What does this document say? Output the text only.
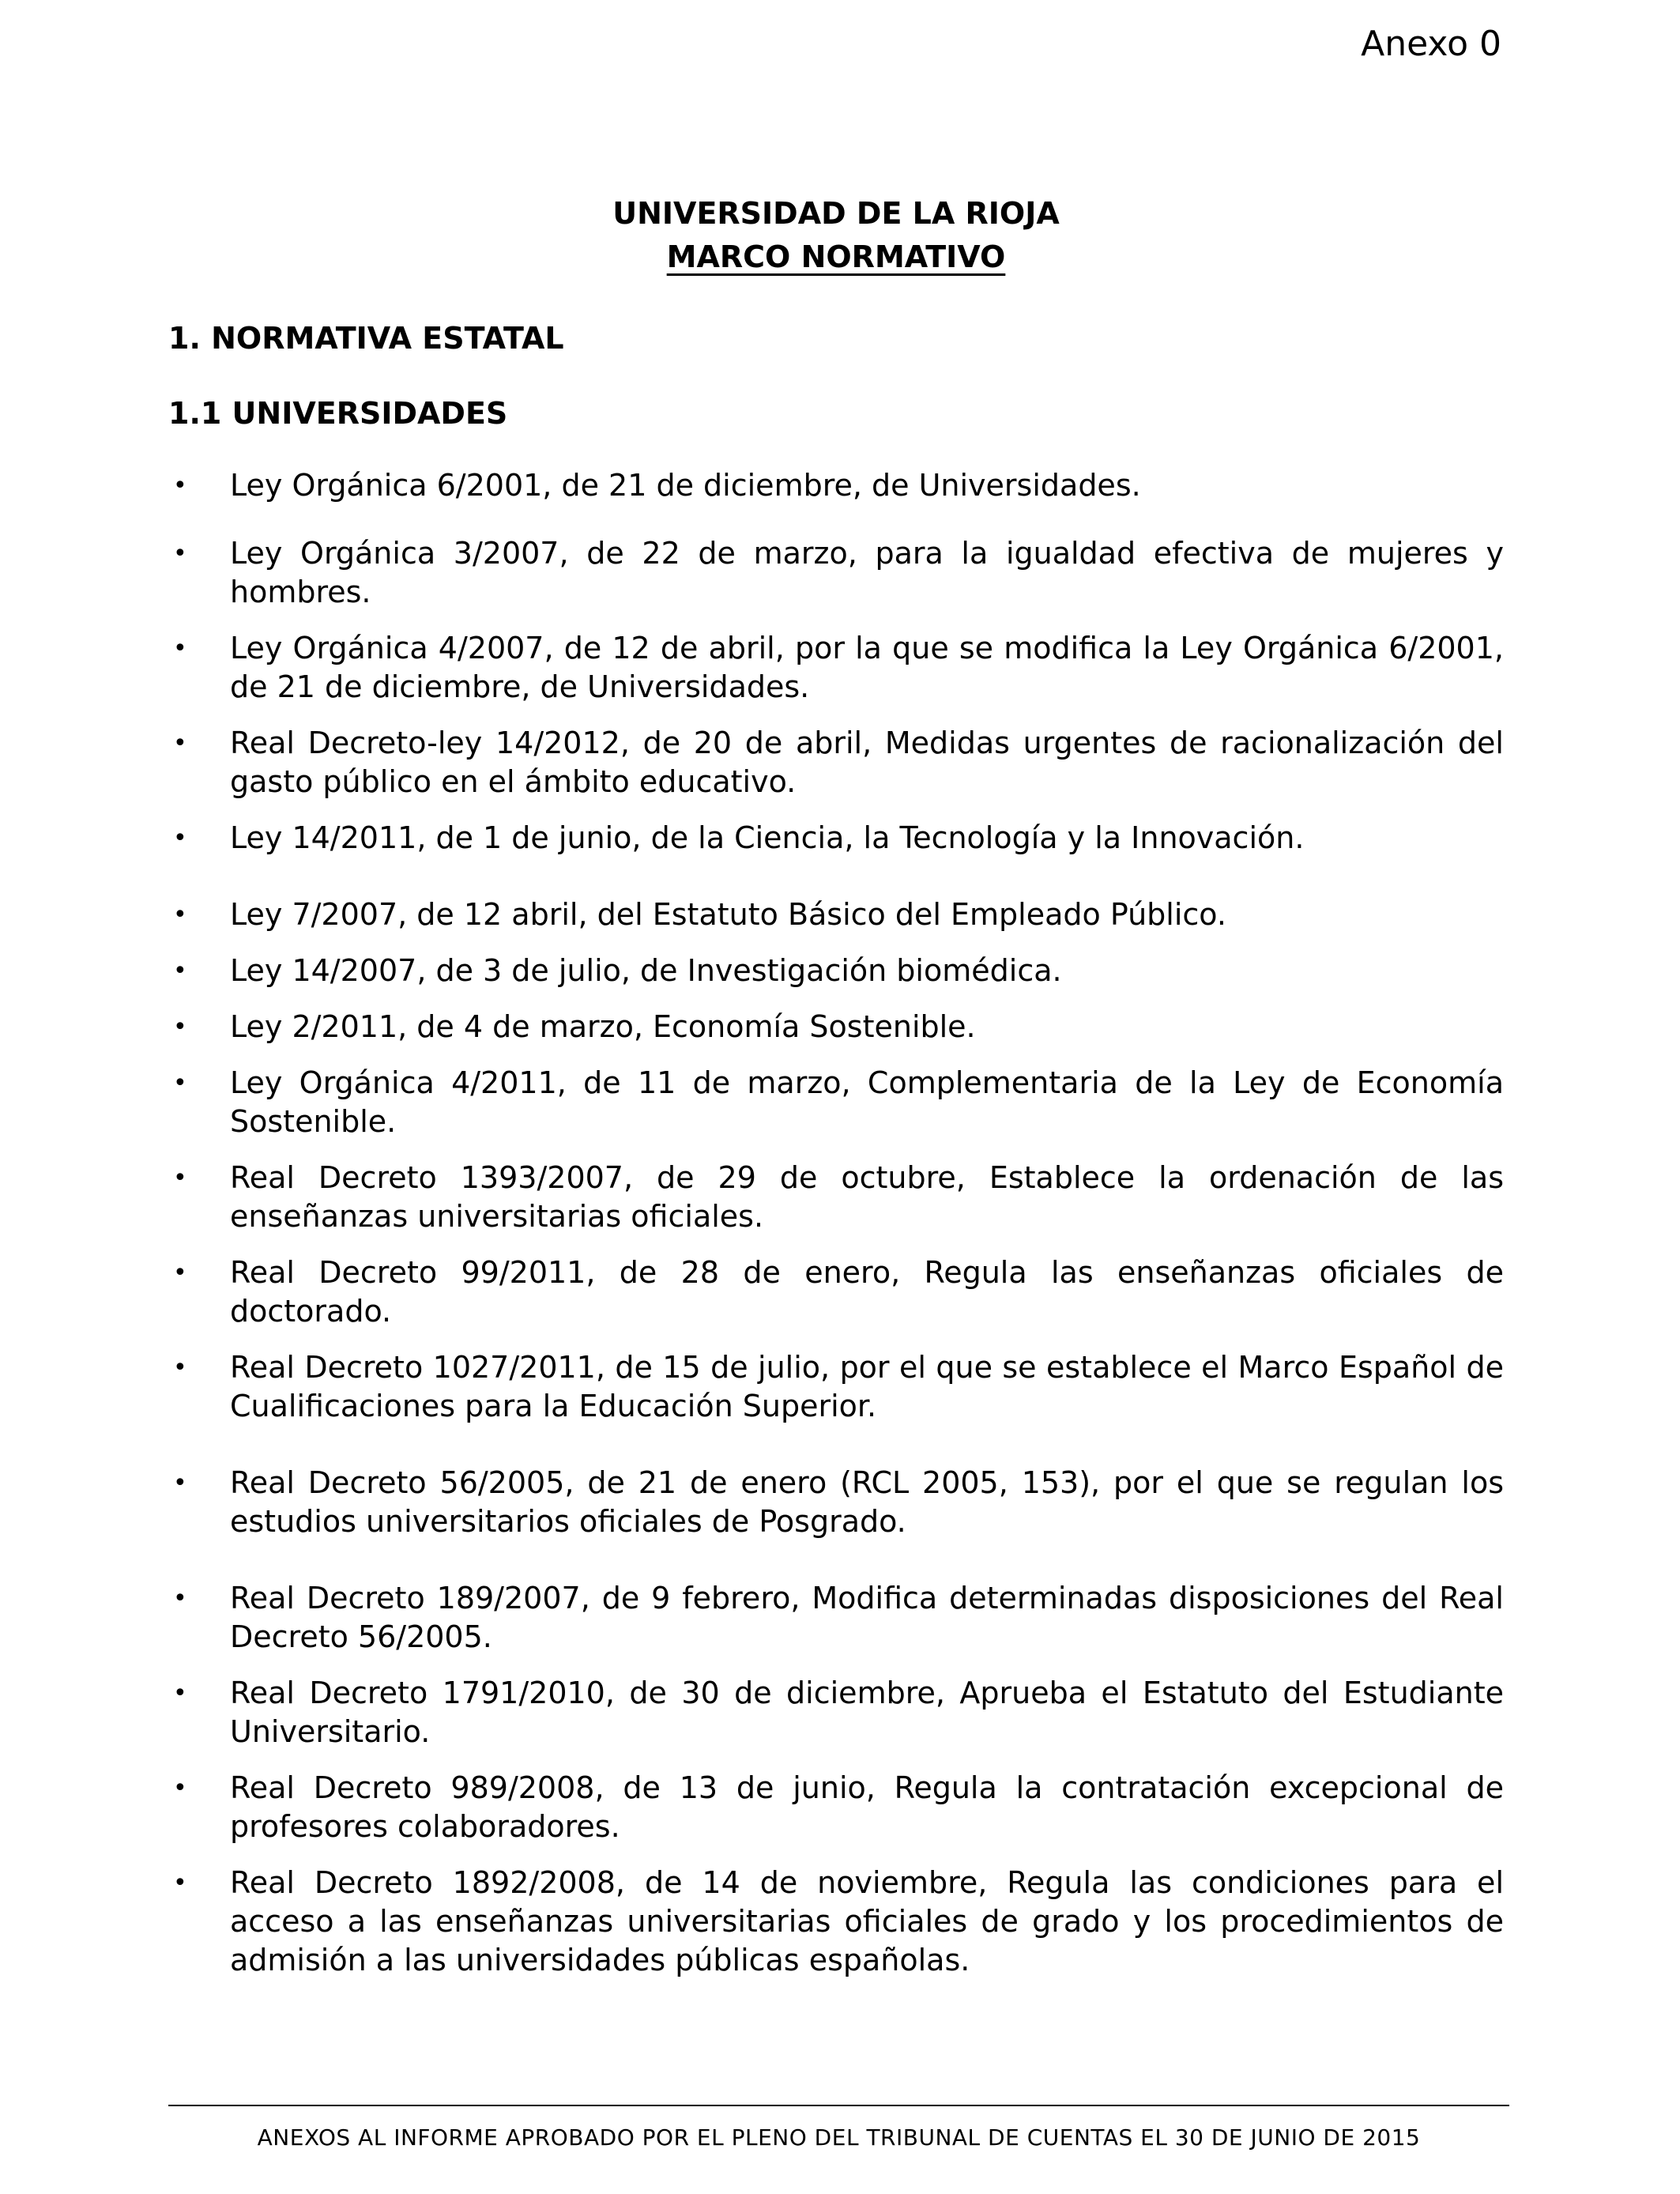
Anexo 0
UNIVERSIDAD DE LA RIOJA
MARCO NORMATIVO
1. NORMATIVA ESTATAL
1.1 UNIVERSIDADES
• Ley Orgánica 6/2001, de 21 de diciembre, de Universidades.
• Ley Orgánica 3/2007, de 22 de marzo, para la igualdad efectiva de mujeres y hombres.
• Ley Orgánica 4/2007, de 12 de abril, por la que se modifica la Ley Orgánica 6/2001, de 21 de diciembre, de Universidades.
• Real Decreto-ley 14/2012, de 20 de abril, Medidas urgentes de racionalización del gasto público en el ámbito educativo.
• Ley 14/2011, de 1 de junio, de la Ciencia, la Tecnología y la Innovación.
• Ley 7/2007, de 12 abril, del Estatuto Básico del Empleado Público.
• Ley 14/2007, de 3 de julio, de Investigación biomédica.
• Ley 2/2011, de 4 de marzo, Economía Sostenible.
• Ley Orgánica 4/2011, de 11 de marzo, Complementaria de la Ley de Economía Sostenible.
• Real Decreto 1393/2007, de 29 de octubre, Establece la ordenación de las enseñanzas universitarias oficiales.
• Real Decreto 99/2011, de 28 de enero, Regula las enseñanzas oficiales de doctorado.
• Real Decreto 1027/2011, de 15 de julio, por el que se establece el Marco Español de Cualificaciones para la Educación Superior.
• Real Decreto 56/2005, de 21 de enero (RCL 2005, 153), por el que se regulan los estudios universitarios oficiales de Posgrado.
• Real Decreto 189/2007, de 9 febrero, Modifica determinadas disposiciones del Real Decreto 56/2005.
• Real Decreto 1791/2010, de 30 de diciembre, Aprueba el Estatuto del Estudiante Universitario.
• Real Decreto 989/2008, de 13 de junio, Regula la contratación excepcional de profesores colaboradores.
• Real Decreto 1892/2008, de 14 de noviembre, Regula las condiciones para el acceso a las enseñanzas universitarias oficiales de grado y los procedimientos de admisión a las universidades públicas españolas.
ANEXOS AL INFORME APROBADO POR EL PLENO DEL TRIBUNAL DE CUENTAS EL 30 DE JUNIO DE 2015
